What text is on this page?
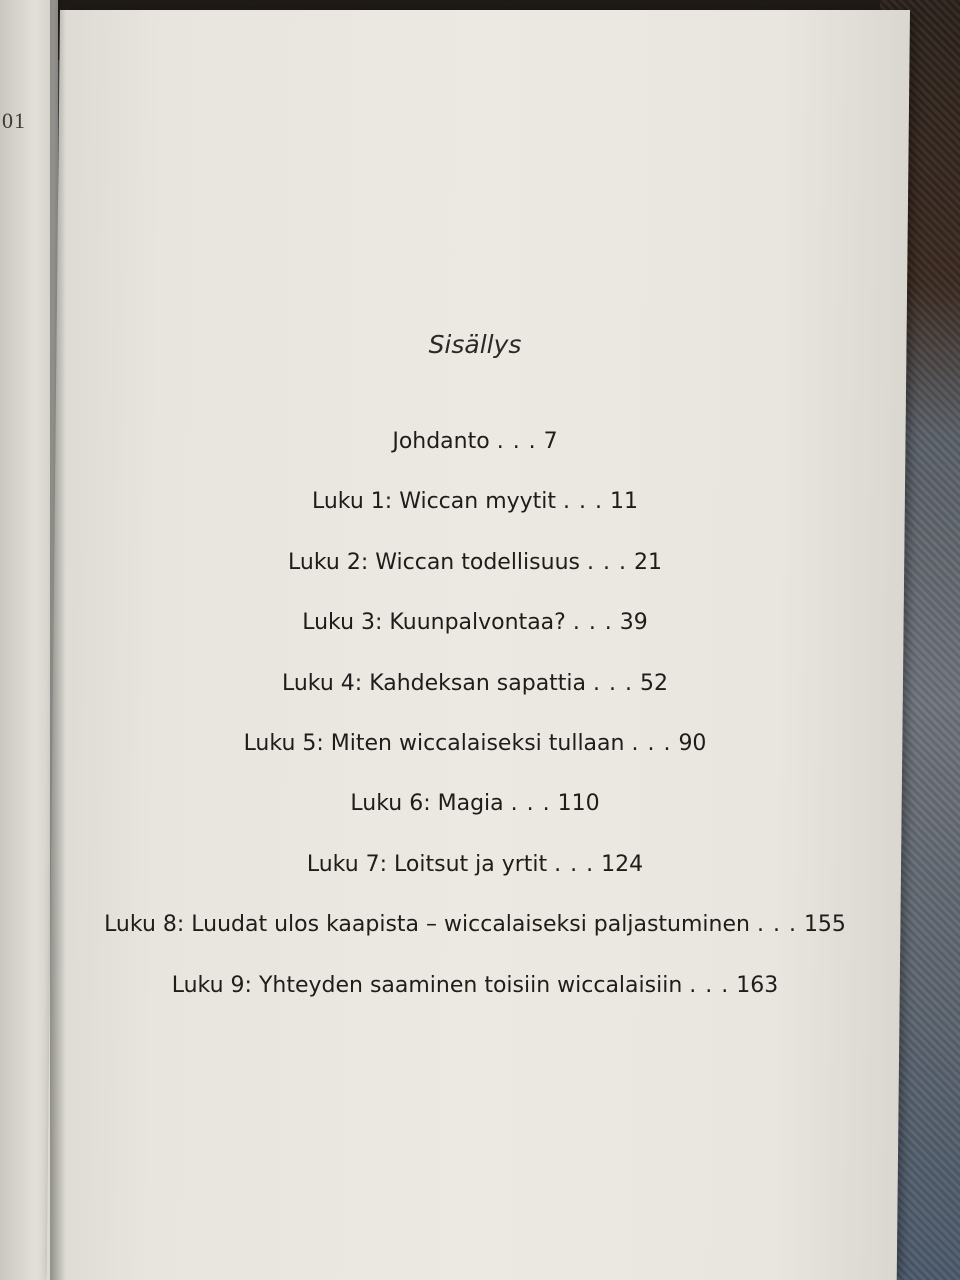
01
Sisällys
Johdanto . . . 7
Luku 1: Wiccan myytit . . . 11
Luku 2: Wiccan todellisuus . . . 21
Luku 3: Kuunpalvontaa? . . . 39
Luku 4: Kahdeksan sapattia . . . 52
Luku 5: Miten wiccalaiseksi tullaan . . . 90
Luku 6: Magia . . . 110
Luku 7: Loitsut ja yrtit . . . 124
Luku 8: Luudat ulos kaapista – wiccalaiseksi paljastuminen . . . 155
Luku 9: Yhteyden saaminen toisiin wiccalaisiin . . . 163
